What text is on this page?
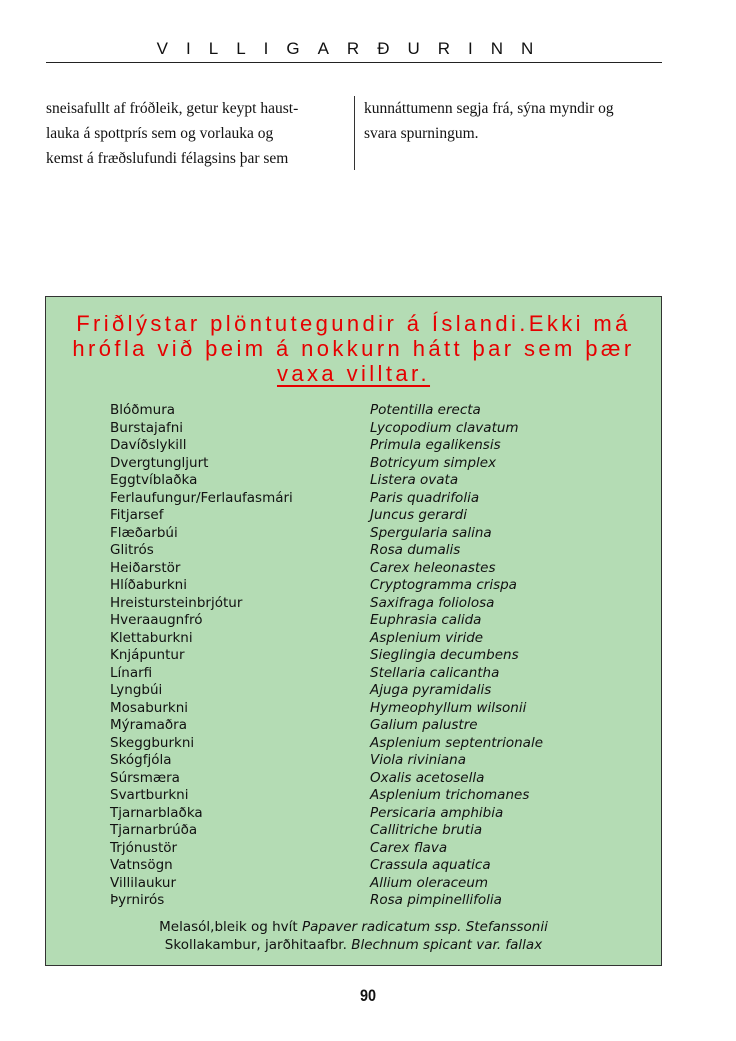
VILLIGARÐURINN
sneisafullt af fróðleik, getur keypt haust-
lauka á spottprís sem og vorlauka og
kemst á fræðslufundi félagsins þar sem
kunnáttumenn segja frá, sýna myndir og
svara spurningum.
Friðlýstar plöntutegundir á Íslandi.Ekki má
hrófla við þeim á nokkurn hátt þar sem þær
vaxa villtar.
Blóðmura	Potentilla erecta
Burstajafni	Lycopodium clavatum
Davíðslykill	Primula egalikensis
Dvergtungljurt	Botricyum simplex
Eggtvíblaðka	Listera ovata
Ferlaufungur/Ferlaufasmári	Paris quadrifolia
Fitjarsef	Juncus gerardi
Flæðarbúi	Spergularia salina
Glitrós	Rosa dumalis
Heiðarstör	Carex heleonastes
Hlíðaburkni	Cryptogramma crispa
Hreistursteinbrjótur	Saxifraga foliolosa
Hveraaugnfró	Euphrasia calida
Klettaburkni	Asplenium viride
Knjápuntur	Sieglingia decumbens
Línarfi	Stellaria calicantha
Lyngbúi	Ajuga pyramidalis
Mosaburkni	Hymeophyllum wilsonii
Mýramaðra	Galium palustre
Skeggburkni	Asplenium septentrionale
Skógfjóla	Viola riviniana
Súrsmæra	Oxalis acetosella
Svartburkni	Asplenium trichomanes
Tjarnarblaðka	Persicaria amphibia
Tjarnarbrúða	Callitriche brutia
Trjónustör	Carex flava
Vatnsögn	Crassula aquatica
Villilaukur	Allium oleraceum
Þyrnirós	Rosa pimpinellifolia
Melasól,bleik og hvít Papaver radicatum ssp. Stefanssonii
Skollakambur, jarðhitaafbr. Blechnum spicant var. fallax
90
